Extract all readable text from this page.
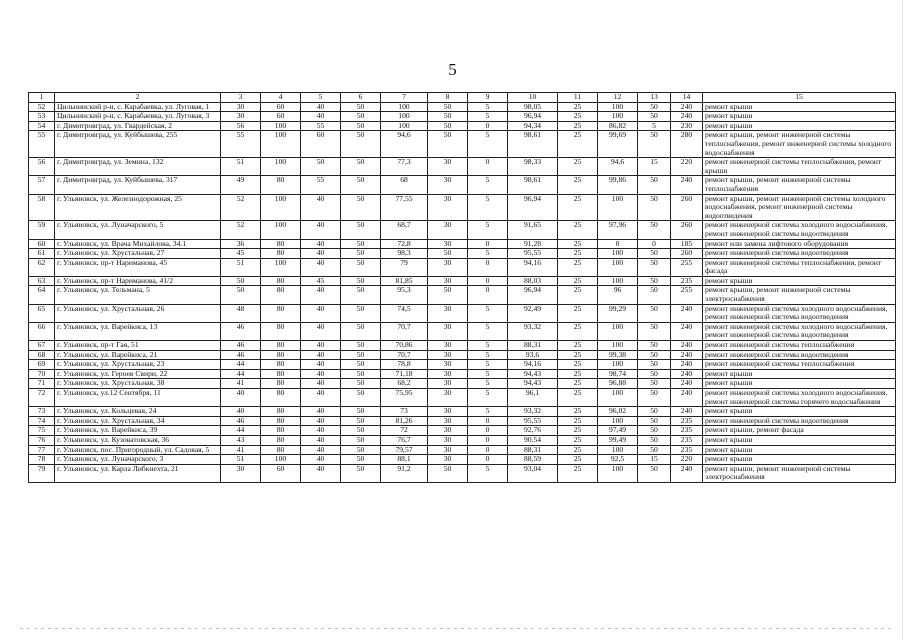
5
1	2	3	4	5	6	7	8	9	10	11	12	13	14	15
52	Цильнинский р-н, с. Карабаевка, ул. Луговая, 1	30	60	40	50	100	50	5	98,05	25	100	50	240	ремонт крыши
53	Цильнинский р-н, с. Карабаевка, ул. Луговая, 3	30	60	40	50	100	50	5	96,94	25	100	50	240	ремонт крыши
54	г. Димитровград, ул. Гвардейская, 2	56	100	55	50	100	50	0	94,34	25	86,82	5	230	ремонт крыши
55	г. Димитровград, ул. Куйбышева, 255	55	100	60	50	94,6	50	5	98,61	25	99,69	50	280	ремонт крыши, ремонт инженерной системы теплоснабжения, ремонт инженерной системы холодного водоснабжения
56	г. Димитровград, ул. Земина, 132	51	100	50	50	77,3	30	0	98,33	25	94,6	15	220	ремонт инженерной системы теплоснабжения, ремонт крыши
57	г. Димитровград, ул. Куйбышева, 317	49	80	55	50	68	30	5	98,61	25	99,86	50	240	ремонт крыши, ремонт инженерной системы теплоснабжения
58	г. Ульяновск, ул. Железнодорожная, 25	52	100	40	50	77,55	30	5	96,94	25	100	50	260	ремонт крыши, ремонт инженерной системы холодного водоснабжения, ремонт инженерной системы водоотведения
59	г. Ульяновск, ул. Луначарского, 5	52	100	40	50	68,7	30	5	91,65	25	97,96	50	260	ремонт инженерной системы холодного водоснабжения, ремонт инженерной системы водоотведения
60	г. Ульяновск, ул. Врача Михайлова, 34.1	36	80	40	50	72,8	30	0	91,28	25	0	0	185	ремонт или замена лифтового оборудования
61	г. Ульяновск, ул. Хрустальная, 27	45	80	40	50	98,3	50	5	95,55	25	100	50	260	ремонт инженерной системы водоотведения
62	г. Ульяновск, пр-т Нариманова, 45	51	100	40	50	79	30	0	94,16	25	100	50	255	ремонт инженерной системы теплоснабжения, ремонт фасада
63	г. Ульяновск, пр-т Нариманова, 41/2	50	80	45	50	81,85	30	0	88,03	25	100	50	235	ремонт крыши
64	г. Ульяновск, ул. Тельмана, 5	50	80	40	50	95,3	50	0	96,94	25	96	50	255	ремонт крыши, ремонт инженерной системы электроснабжения
65	г. Ульяновск, ул. Хрустальная, 26	48	80	40	50	74,5	30	5	92,49	25	99,29	50	240	ремонт инженерной системы холодного водоснабжения, ремонт инженерной системы водоотведения
66	г. Ульяновск, ул. Варейкиса, 13	46	80	40	50	70,7	30	5	93,32	25	100	50	240	ремонт инженерной системы холодного водоснабжения, ремонт инженерной системы водоотведения
67	г. Ульяновск, пр-т Гая, 51	46	80	40	50	70,86	30	5	88,31	25	100	50	240	ремонт инженерной системы теплоснабжения
68	г. Ульяновск, ул. Варейкиса, 21	46	80	40	50	70,7	30	5	93,6	25	99,38	50	240	ремонт инженерной системы водоотведения
69	г. Ульяновск, ул. Хрустальная, 23	44	80	40	50	78,8	30	5	94,16	25	100	50	240	ремонт инженерной системы теплоснабжения
70	г. Ульяновск, ул. Героев Свири, 22	44	80	40	50	71,18	30	5	94,43	25	98,74	50	240	ремонт крыши
71	г. Ульяновск, ул. Хрустальная, 38	41	80	40	50	68,2	30	5	94,43	25	96,88	50	240	ремонт крыши
72	г. Ульяновск, ул.12 Сентября, 11	40	80	40	50	75,95	30	5	96,1	25	100	50	240	ремонт инженерной системы холодного водоснабжения, ремонт инженерной системы горячего водоснабжения
73	г. Ульяновск, ул. Кольцевая, 24	40	80	40	50	73	30	5	93,32	25	96,02	50	240	ремонт крыши
74	г. Ульяновск, ул. Хрустальная, 34	46	80	40	50	81,26	30	0	95,55	25	100	50	235	ремонт инженерной системы водоотведения
75	г. Ульяновск, ул. Варейкиса, 39	44	80	40	50	72	30	0	92,76	25	97,49	50	235	ремонт крыши, ремонт фасада
76	г. Ульяновск, ул. Кузоватовская, 36	43	80	40	50	76,7	30	0	90,54	25	99,49	50	235	ремонт крыши
77	г. Ульяновск, пос. Пригородный, ул. Садовая, 5	41	80	40	50	79,57	30	0	88,31	25	100	50	235	ремонт крыши
78	г. Ульяновск, ул. Луначарского, 3	51	100	40	50	88,1	30	0	88,59	25	92,5	15	220	ремонт крыши
79	г. Ульяновск, ул. Карла Либкнехта, 21	30	60	40	50	91,2	50	5	93,04	25	100	50	240	ремонт крыши, ремонт инженерной системы электроснабжения
